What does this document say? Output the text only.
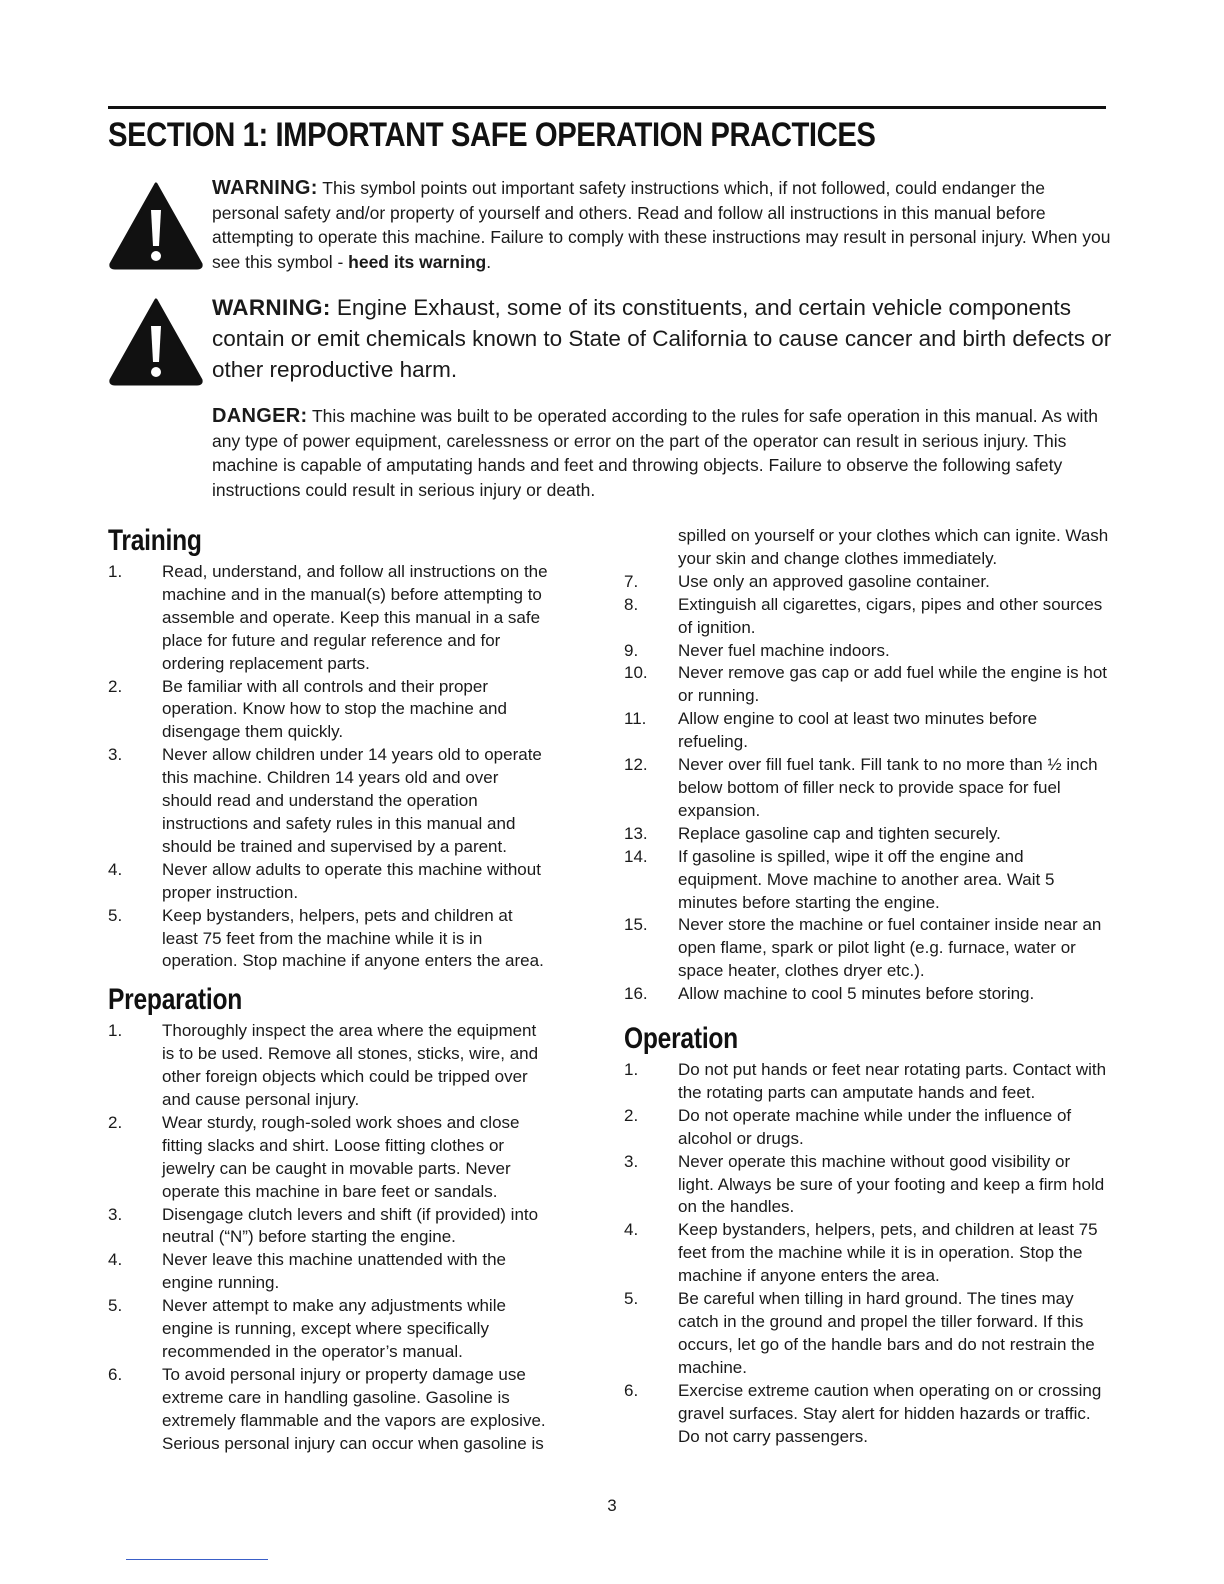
SECTION 1: IMPORTANT SAFE OPERATION PRACTICES

WARNING: This symbol points out important safety instructions which, if not followed, could endanger the personal safety and/or property of yourself and others. Read and follow all instructions in this manual before attempting to operate this machine. Failure to comply with these instructions may result in personal injury. When you see this symbol - heed its warning.

WARNING: Engine Exhaust, some of its constituents, and certain vehicle components contain or emit chemicals known to State of California to cause cancer and birth defects or other reproductive harm.

DANGER: This machine was built to be operated according to the rules for safe operation in this manual. As with any type of power equipment, carelessness or error on the part of the operator can result in serious injury. This machine is capable of amputating hands and feet and throwing objects. Failure to observe the following safety instructions could result in serious injury or death.

Training
1. Read, understand, and follow all instructions on the machine and in the manual(s) before attempting to assemble and operate. Keep this manual in a safe place for future and regular reference and for ordering replacement parts.
2. Be familiar with all controls and their proper operation. Know how to stop the machine and disengage them quickly.
3. Never allow children under 14 years old to operate this machine. Children 14 years old and over should read and understand the operation instructions and safety rules in this manual and should be trained and supervised by a parent.
4. Never allow adults to operate this machine without proper instruction.
5. Keep bystanders, helpers, pets and children at least 75 feet from the machine while it is in operation. Stop machine if anyone enters the area.
Preparation
1. Thoroughly inspect the area where the equipment is to be used. Remove all stones, sticks, wire, and other foreign objects which could be tripped over and cause personal injury.
2. Wear sturdy, rough-soled work shoes and close fitting slacks and shirt. Loose fitting clothes or jewelry can be caught in movable parts. Never operate this machine in bare feet or sandals.
3. Disengage clutch levers and shift (if provided) into neutral (“N”) before starting the engine.
4. Never leave this machine unattended with the engine running.
5. Never attempt to make any adjustments while engine is running, except where specifically recommended in the operator’s manual.
6. To avoid personal injury or property damage use extreme care in handling gasoline. Gasoline is extremely flammable and the vapors are explosive. Serious personal injury can occur when gasoline is

spilled on yourself or your clothes which can ignite. Wash your skin and change clothes immediately.

7. Use only an approved gasoline container.
8. Extinguish all cigarettes, cigars, pipes and other sources of ignition.
9. Never fuel machine indoors.
10. Never remove gas cap or add fuel while the engine is hot or running.
11. Allow engine to cool at least two minutes before refueling.
12. Never over fill fuel tank. Fill tank to no more than ½ inch below bottom of filler neck to provide space for fuel expansion.
13. Replace gasoline cap and tighten securely.
14. If gasoline is spilled, wipe it off the engine and equipment. Move machine to another area. Wait 5 minutes before starting the engine.
15. Never store the machine or fuel container inside near an open flame, spark or pilot light (e.g. furnace, water or space heater, clothes dryer etc.).
16. Allow machine to cool 5 minutes before storing.
Operation
1. Do not put hands or feet near rotating parts. Contact with the rotating parts can amputate hands and feet.
2. Do not operate machine while under the influence of alcohol or drugs.
3. Never operate this machine without good visibility or light. Always be sure of your footing and keep a firm hold on the handles.
4. Keep bystanders, helpers, pets, and children at least 75 feet from the machine while it is in operation. Stop the machine if anyone enters the area.
5. Be careful when tilling in hard ground. The tines may catch in the ground and propel the tiller forward. If this occurs, let go of the handle bars and do not restrain the machine.
6. Exercise extreme caution when operating on or crossing gravel surfaces. Stay alert for hidden hazards or traffic. Do not carry passengers.
3
